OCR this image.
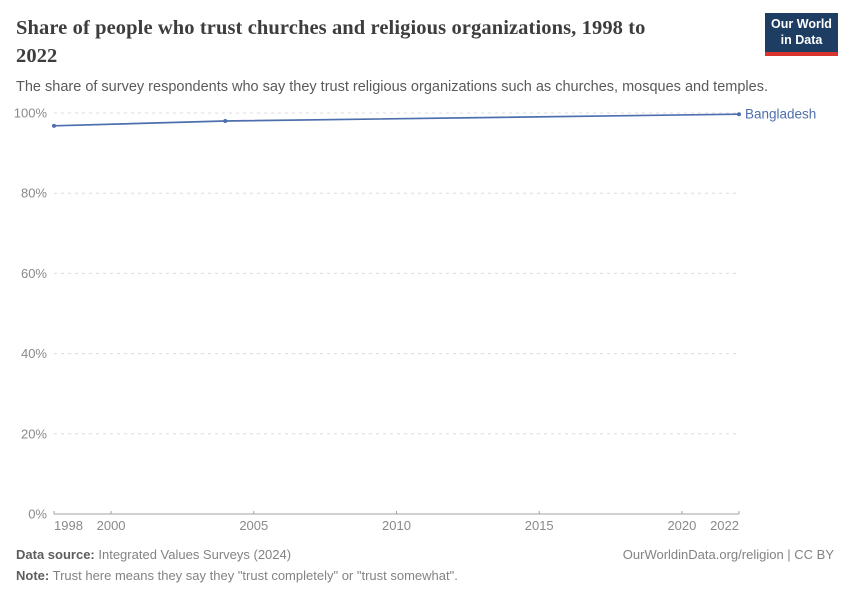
Share of people who trust churches and religious organizations, 1998 to
2022
The share of survey respondents who say they trust religious organizations such as churches, mosques and temples.
Our World
in Data
0%
20%
40%
60%
80%
100%
1998 2000	2005	2010	2015	2020 2022
Bangladesh
Data source: Integrated Values Surveys (2024)	OurWorldinData.org/religion | CC BY
Note: Trust here means they say they "trust completely" or "trust somewhat".
